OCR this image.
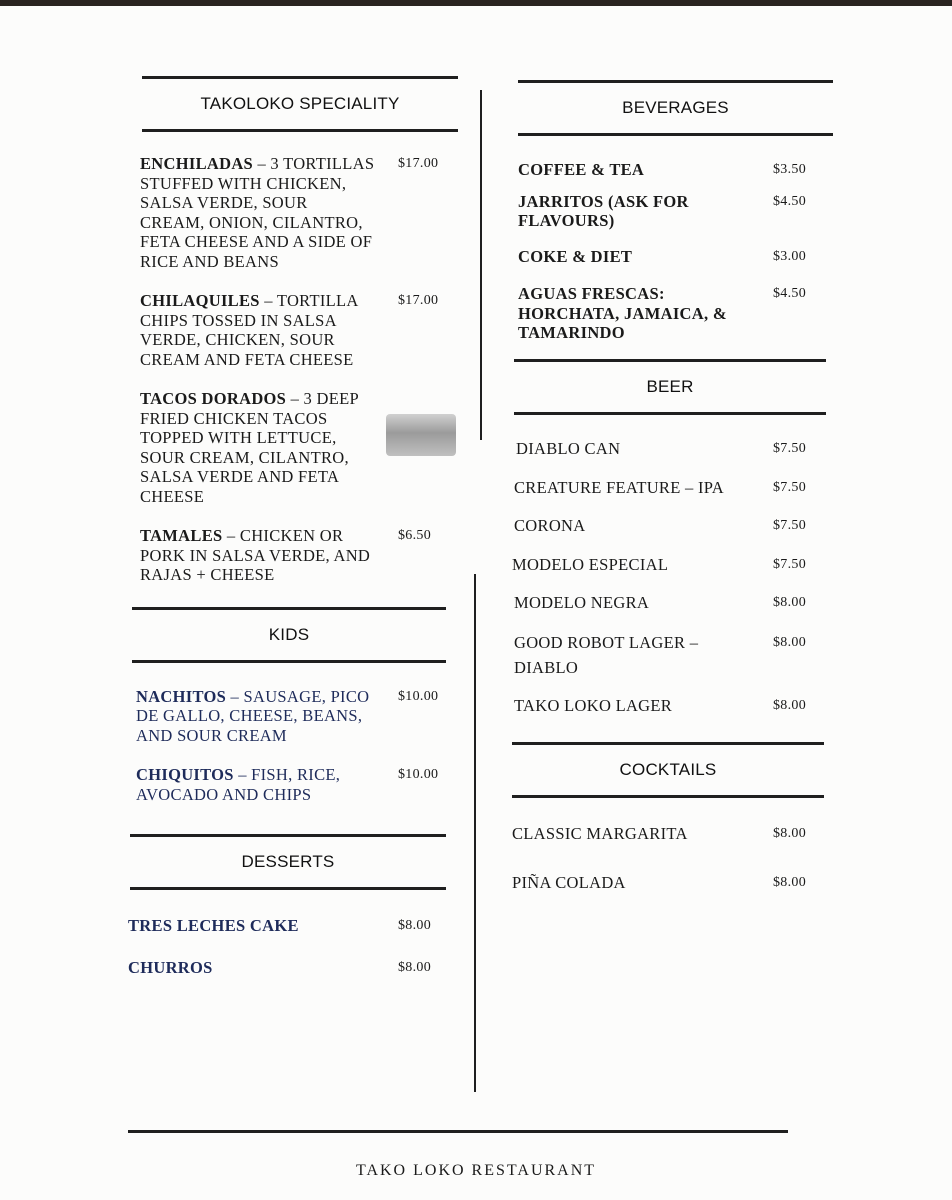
TAKOLOKO SPECIALITY
ENCHILADAS – 3 TORTILLAS STUFFED WITH CHICKEN, SALSA VERDE, SOUR CREAM, ONION, CILANTRO, FETA CHEESE AND A SIDE OF RICE AND BEANS
$17.00
CHILAQUILES – TORTILLA CHIPS TOSSED IN SALSA VERDE, CHICKEN, SOUR CREAM AND FETA CHEESE
$17.00
TACOS DORADOS – 3 DEEP FRIED CHICKEN TACOS TOPPED WITH LETTUCE, SOUR CREAM, CILANTRO, SALSA VERDE AND FETA CHEESE
TAMALES – CHICKEN OR PORK IN SALSA VERDE, AND RAJAS + CHEESE
$6.50
KIDS
NACHITOS – SAUSAGE, PICO DE GALLO, CHEESE, BEANS, AND SOUR CREAM
$10.00
CHIQUITOS – FISH, RICE, AVOCADO AND CHIPS
$10.00
DESSERTS
TRES LECHES CAKE	$8.00
CHURROS	$8.00
BEVERAGES
COFFEE & TEA	$3.50
JARRITOS (ASK FOR FLAVOURS)
$4.50
COKE & DIET	$3.00
AGUAS FRESCAS: HORCHATA, JAMAICA, & TAMARINDO
$4.50
BEER
DIABLO CAN	$7.50
CREATURE FEATURE – IPA	$7.50
CORONA	$7.50
MODELO ESPECIAL	$7.50
MODELO NEGRA	$8.00
GOOD ROBOT LAGER – DIABLO
$8.00
TAKO LOKO LAGER	$8.00
COCKTAILS
CLASSIC MARGARITA	$8.00
PIÑA COLADA	$8.00
TAKO LOKO RESTAURANT
